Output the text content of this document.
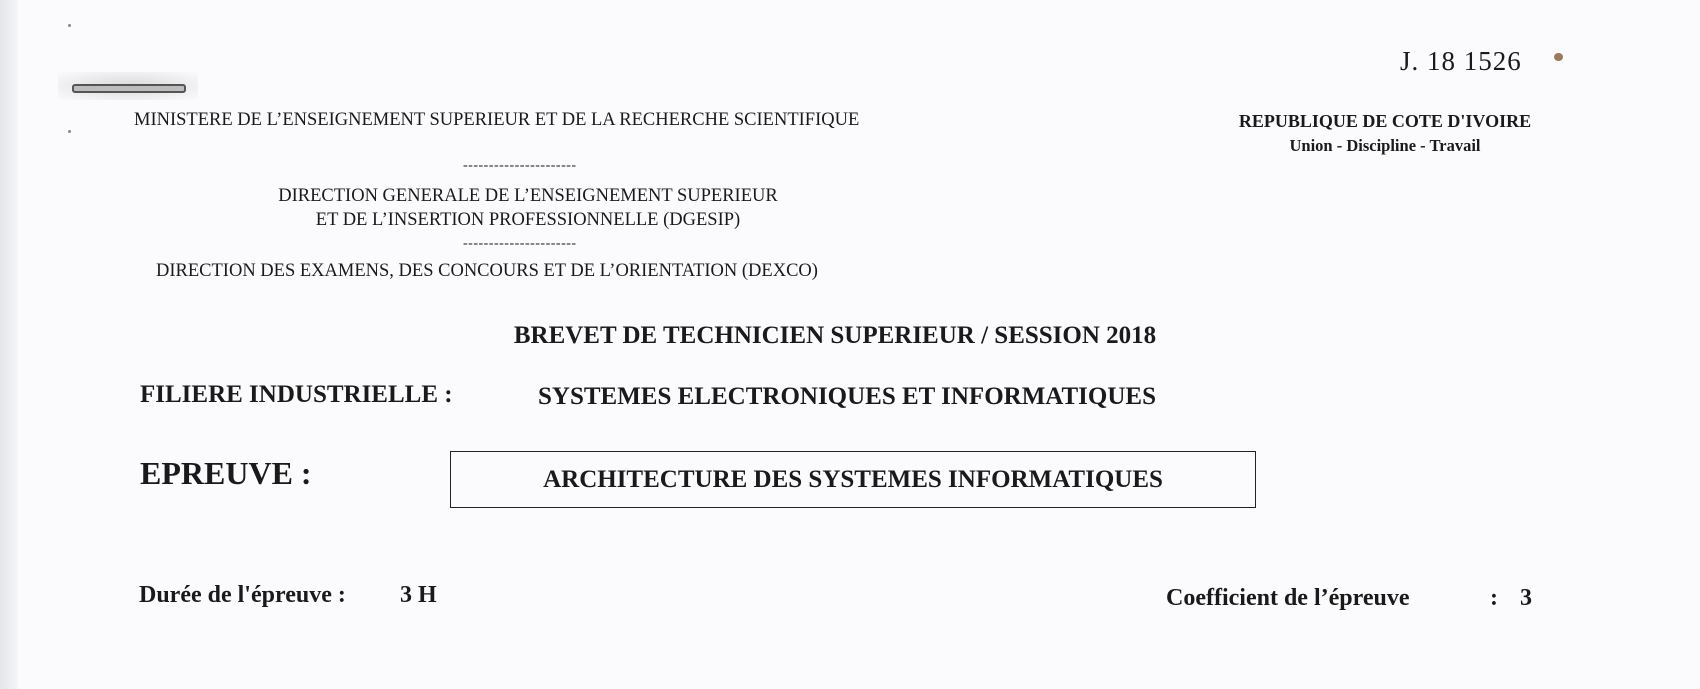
J. 18 1526
MINISTERE DE L’ENSEIGNEMENT SUPERIEUR ET DE LA RECHERCHE SCIENTIFIQUE	REPUBLIQUE DE COTE D'IVOIRE
Union - Discipline - Travail
----------------------
DIRECTION GENERALE DE L’ENSEIGNEMENT SUPERIEUR
ET DE L’INSERTION PROFESSIONNELLE (DGESIP)
----------------------
DIRECTION DES EXAMENS, DES CONCOURS ET DE L’ORIENTATION (DEXCO)
BREVET DE TECHNICIEN SUPERIEUR / SESSION 2018
FILIERE INDUSTRIELLE :	SYSTEMES ELECTRONIQUES ET INFORMATIQUES
EPREUVE :	ARCHITECTURE DES SYSTEMES INFORMATIQUES
Durée de l'épreuve : 3 H	Coefficient de l’épreuve	: 3
